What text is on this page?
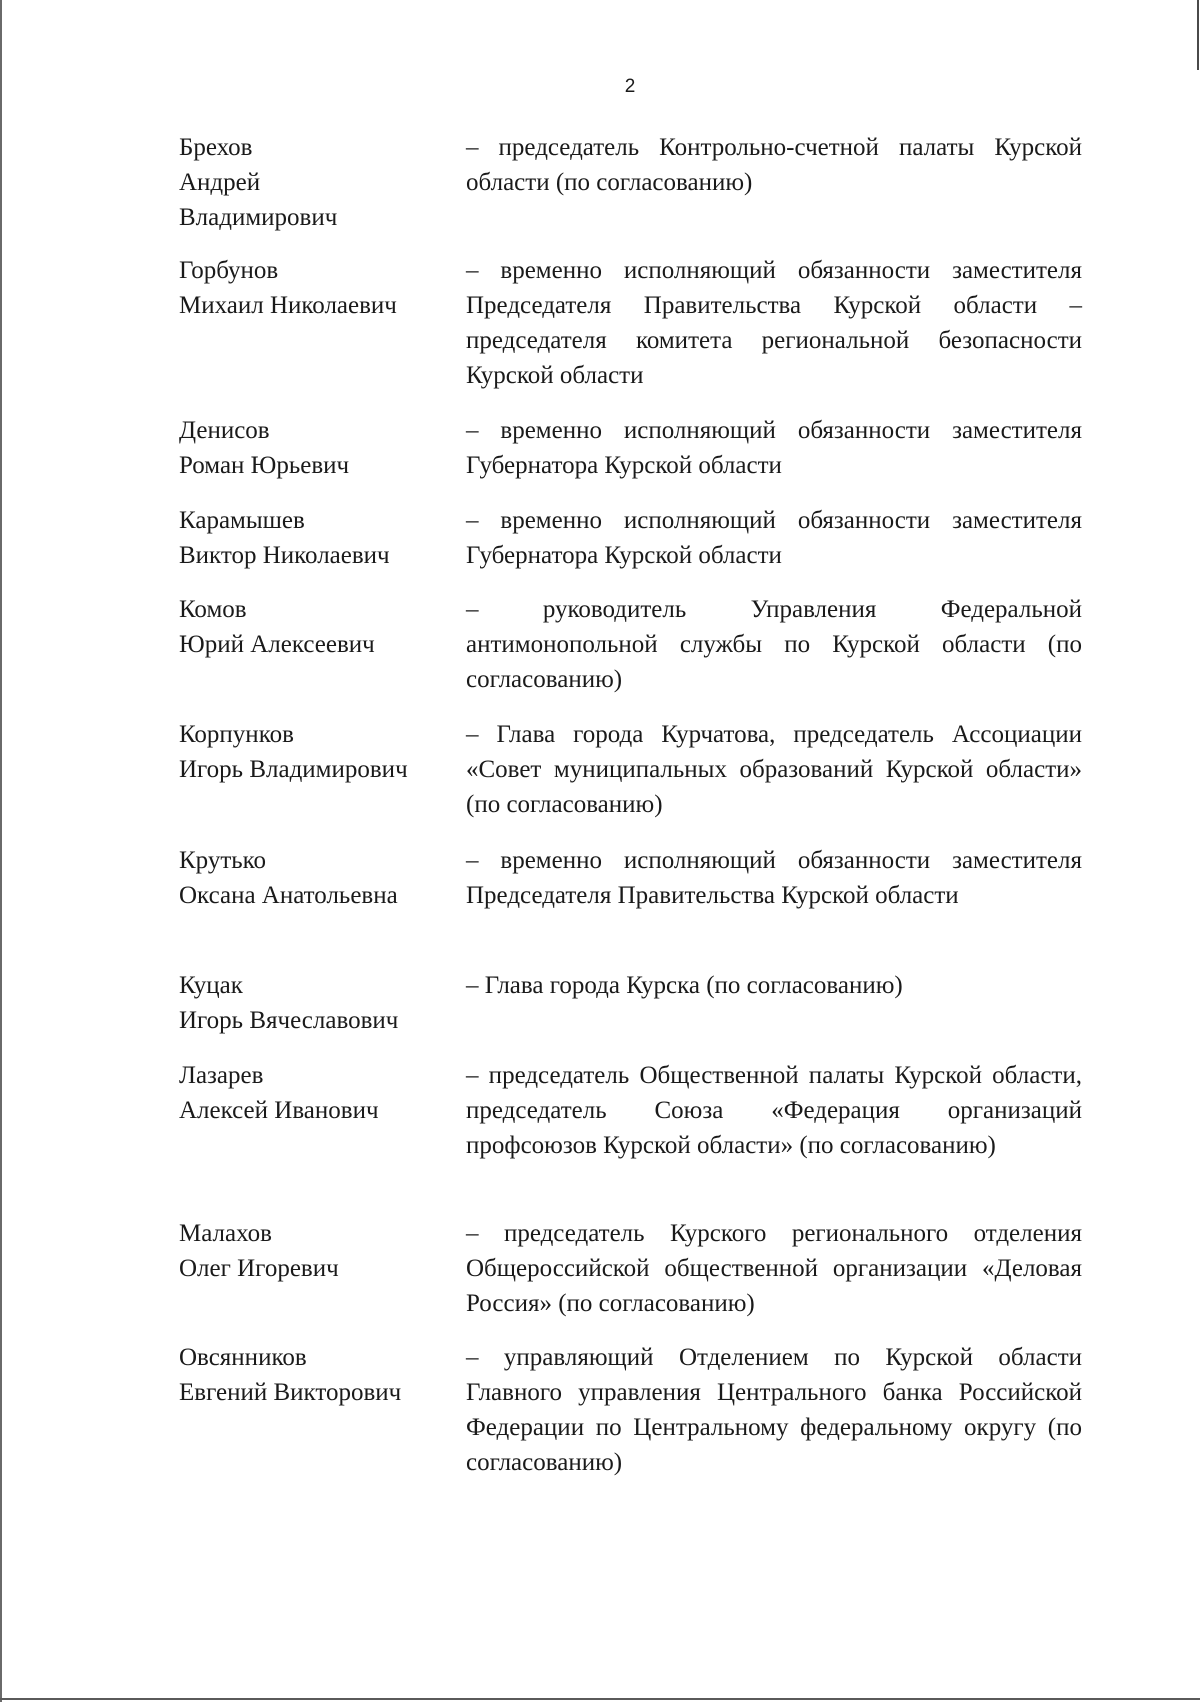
2
Брехов
Андрей
Владимирович
– председатель Контрольно-счетной палаты Курской области (по согласованию)
Горбунов
Михаил Николаевич
– временно исполняющий обязанности заместителя Председателя Правительства Курской области – председателя комитета региональной безопасности Курской области
Денисов
Роман Юрьевич
– временно исполняющий обязанности заместителя Губернатора Курской области
Карамышев
Виктор Николаевич
– временно исполняющий обязанности заместителя Губернатора Курской области
Комов
Юрий Алексеевич
– руководитель Управления Федеральной антимонопольной службы по Курской области (по согласованию)
Корпунков
Игорь Владимирович
– Глава города Курчатова, председатель Ассоциации «Совет муниципальных образований Курской области» (по согласованию)
Крутько
Оксана Анатольевна
– временно исполняющий обязанности заместителя Председателя Правительства Курской области
Куцак
Игорь Вячеславович
– Глава города Курска (по согласованию)
Лазарев
Алексей Иванович
– председатель Общественной палаты Курской области, председатель Союза «Федерация организаций профсоюзов Курской области» (по согласованию)
Малахов
Олег Игоревич
– председатель Курского регионального отделения Общероссийской общественной организации «Деловая Россия» (по согласованию)
Овсянников
Евгений Викторович
– управляющий Отделением по Курской области Главного управления Центрального банка Российской Федерации по Центральному федеральному округу (по согласованию)
